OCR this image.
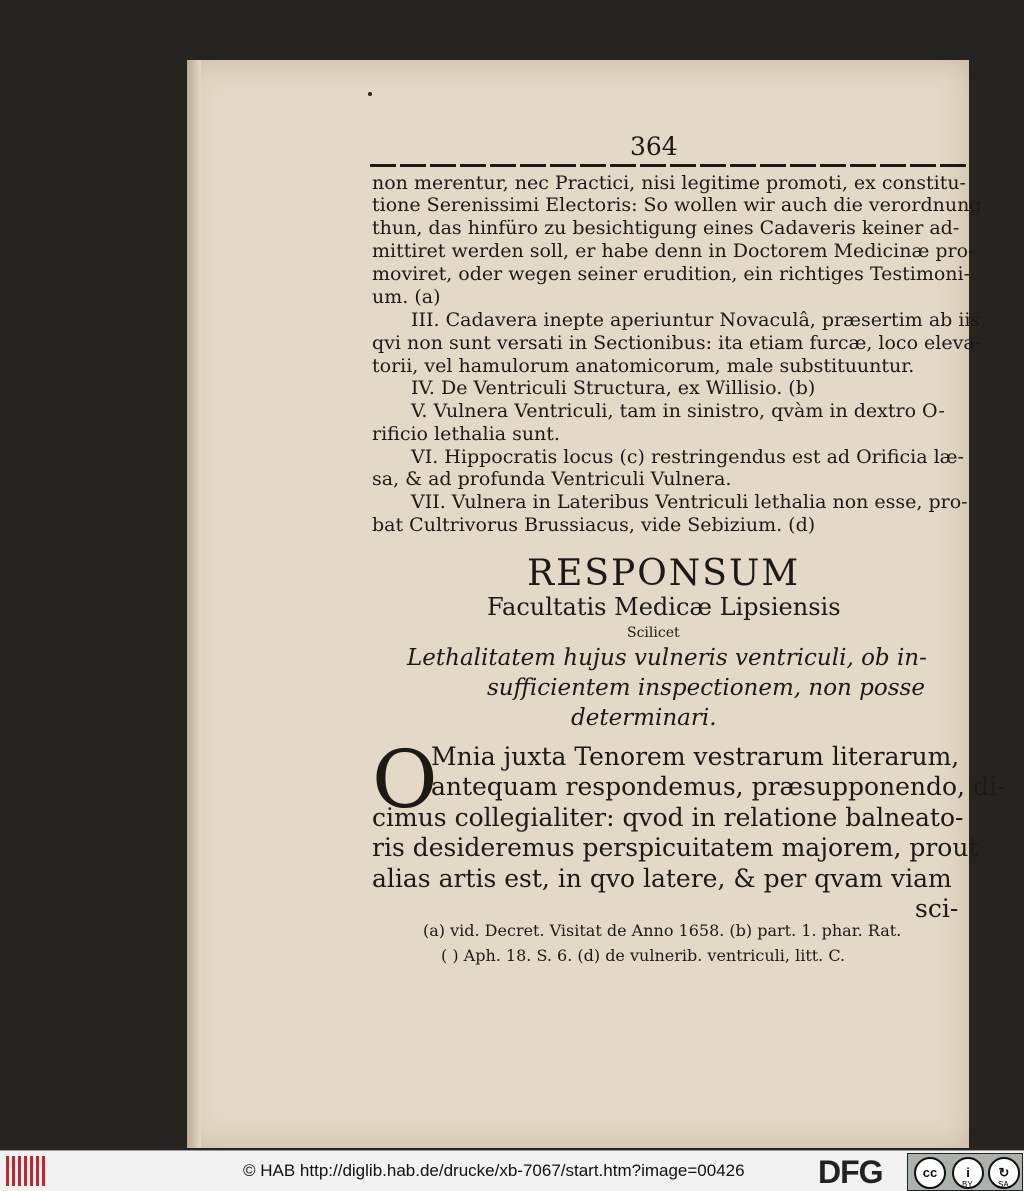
364
non merentur, nec Practici, nisi legitime promoti, ex constitu-
tione Serenissimi Electoris: So wollen wir auch die verordnung
thun, das hinfüro zu besichtigung eines Cadaveris keiner ad-
mittiret werden soll, er habe denn in Doctorem Medicinæ pro-
moviret, oder wegen seiner erudition, ein richtiges Testimoni-
um. (a)
III. Cadavera inepte aperiuntur Novaculâ, præsertim ab iis,
qvi non sunt versati in Sectionibus: ita etiam furcæ, loco eleva-
torii, vel hamulorum anatomicorum, male substituuntur.
IV. De Ventriculi Structura, ex Willisio. (b)
V. Vulnera Ventriculi, tam in sinistro, qvàm in dextro O-
rificio lethalia sunt.
VI. Hippocratis locus (c) restringendus est ad Orificia læ-
sa, & ad profunda Ventriculi Vulnera.
VII. Vulnera in Lateribus Ventriculi lethalia non esse, pro-
bat Cultrivorus Brussiacus, vide Sebizium. (d)
RESPONSUM
Facultatis Medicæ Lipsiensis
Scilicet
Lethalitatem hujus vulneris ventriculi, ob in-
sufficientem inspectionem, non posse
determinari.
O
Mnia juxta Tenorem vestrarum literarum,
antequam respondemus, præsupponendo, di-
cimus collegialiter: qvod in relatione balneato-
ris desideremus perspicuitatem majorem, prout
alias artis est, in qvo latere, & per qvam viam
sci-
(a) vid. Decret. Visitat de Anno 1658. (b) part. 1. phar. Rat.
( ) Aph. 18. S. 6. (d) de vulnerib. ventriculi, litt. C.
© HAB http://diglib.hab.de/drucke/xb-7067/start.htm?image=00426 DFG	cc	i	↻
BY	SA
